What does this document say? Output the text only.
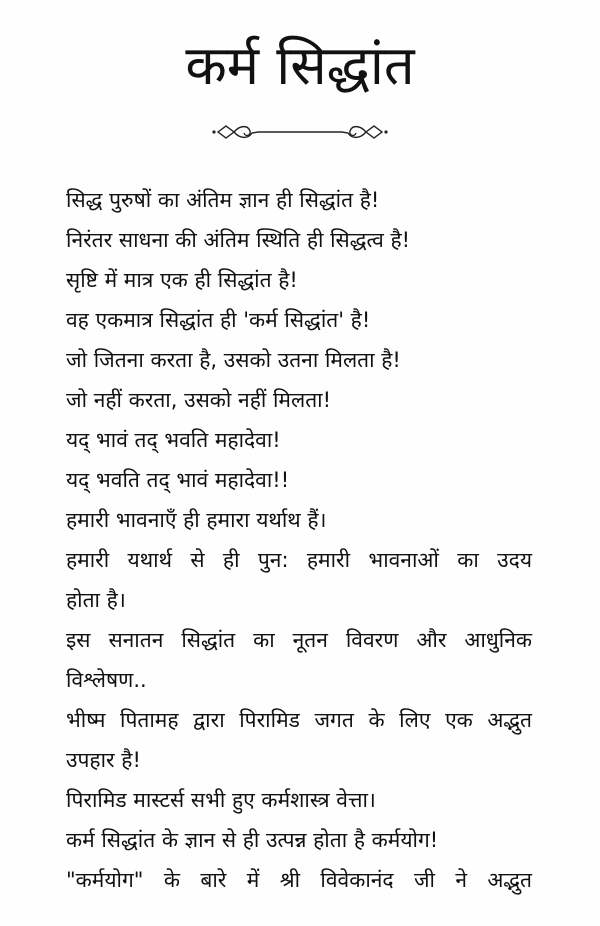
कर्म सिद्धांत
सिद्ध पुरुषों का अंतिम ज्ञान ही सिद्धांत है!
निरंतर साधना की अंतिम स्थिति ही सिद्धत्व है!
सृष्टि में मात्र एक ही सिद्धांत है!
वह एकमात्र सिद्धांत ही 'कर्म सिद्धांत' है!
जो जितना करता है, उसको उतना मिलता है!
जो नहीं करता, उसको नहीं मिलता!
यद् भावं तद् भवति महादेवा!
यद् भवति तद् भावं महादेवा!!
हमारी भावनाएँ ही हमारा यर्थाथ हैं।
हमारी यथार्थ से ही पुन: हमारी भावनाओं का उदय
होता है।
इस सनातन सिद्धांत का नूतन विवरण और आधुनिक
विश्लेषण..
भीष्म पितामह द्वारा पिरामिड जगत के लिए एक अद्भुत
उपहार है!
पिरामिड मास्टर्स सभी हुए कर्मशास्त्र वेत्ता।
कर्म सिद्धांत के ज्ञान से ही उत्पन्न होता है कर्मयोग!
"कर्मयोग" के बारे में श्री विवेकानंद जी ने अद्भुत
